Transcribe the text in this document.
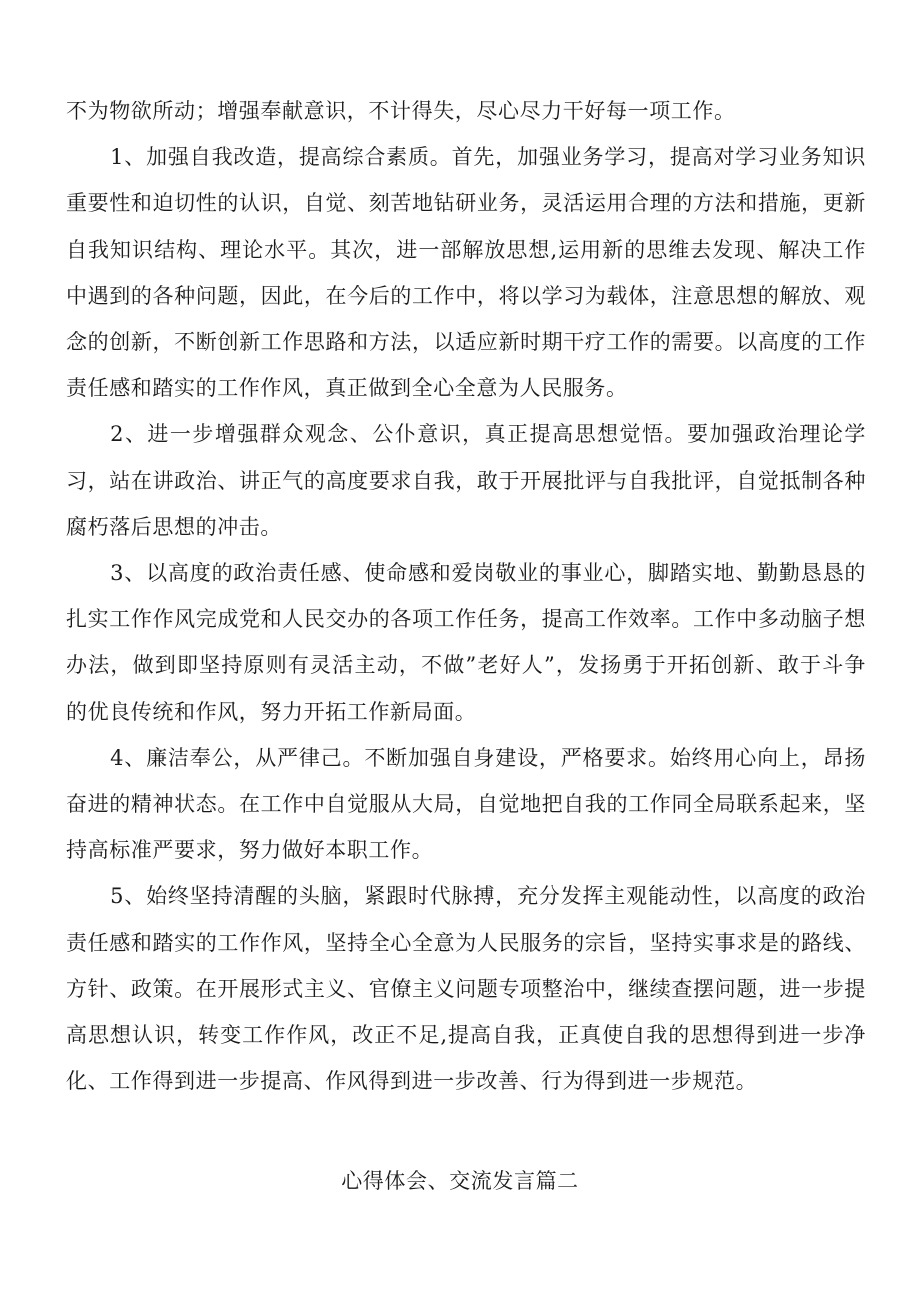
不为物欲所动；增强奉献意识，不计得失，尽心尽力干好每一项工作。

1、加强自我改造，提高综合素质。首先，加强业务学习，提高对学习业务知识重要性和迫切性的认识，自觉、刻苦地钻研业务，灵活运用合理的方法和措施，更新自我知识结构、理论水平。其次，进一部解放思想,运用新的思维去发现、解决工作中遇到的各种问题，因此，在今后的工作中，将以学习为载体，注意思想的解放、观念的创新，不断创新工作思路和方法，以适应新时期干疗工作的需要。以高度的工作责任感和踏实的工作作风，真正做到全心全意为人民服务。

2、进一步增强群众观念、公仆意识，真正提高思想觉悟。要加强政治理论学习，站在讲政治、讲正气的高度要求自我，敢于开展批评与自我批评，自觉抵制各种腐朽落后思想的冲击。

3、以高度的政治责任感、使命感和爱岗敬业的事业心，脚踏实地、勤勤恳恳的扎实工作作风完成党和人民交办的各项工作任务，提高工作效率。工作中多动脑子想办法，做到即坚持原则有灵活主动，不做”老好人”，发扬勇于开拓创新、敢于斗争的优良传统和作风，努力开拓工作新局面。

4、廉洁奉公，从严律己。不断加强自身建设，严格要求。始终用心向上，昂扬奋进的精神状态。在工作中自觉服从大局，自觉地把自我的工作同全局联系起来，坚持高标准严要求，努力做好本职工作。

5、始终坚持清醒的头脑，紧跟时代脉搏，充分发挥主观能动性，以高度的政治责任感和踏实的工作作风，坚持全心全意为人民服务的宗旨，坚持实事求是的路线、方针、政策。在开展形式主义、官僚主义问题专项整治中，继续查摆问题，进一步提高思想认识，转变工作作风，改正不足,提高自我，正真使自我的思想得到进一步净化、工作得到进一步提高、作风得到进一步改善、行为得到进一步规范。

心得体会、交流发言篇二
